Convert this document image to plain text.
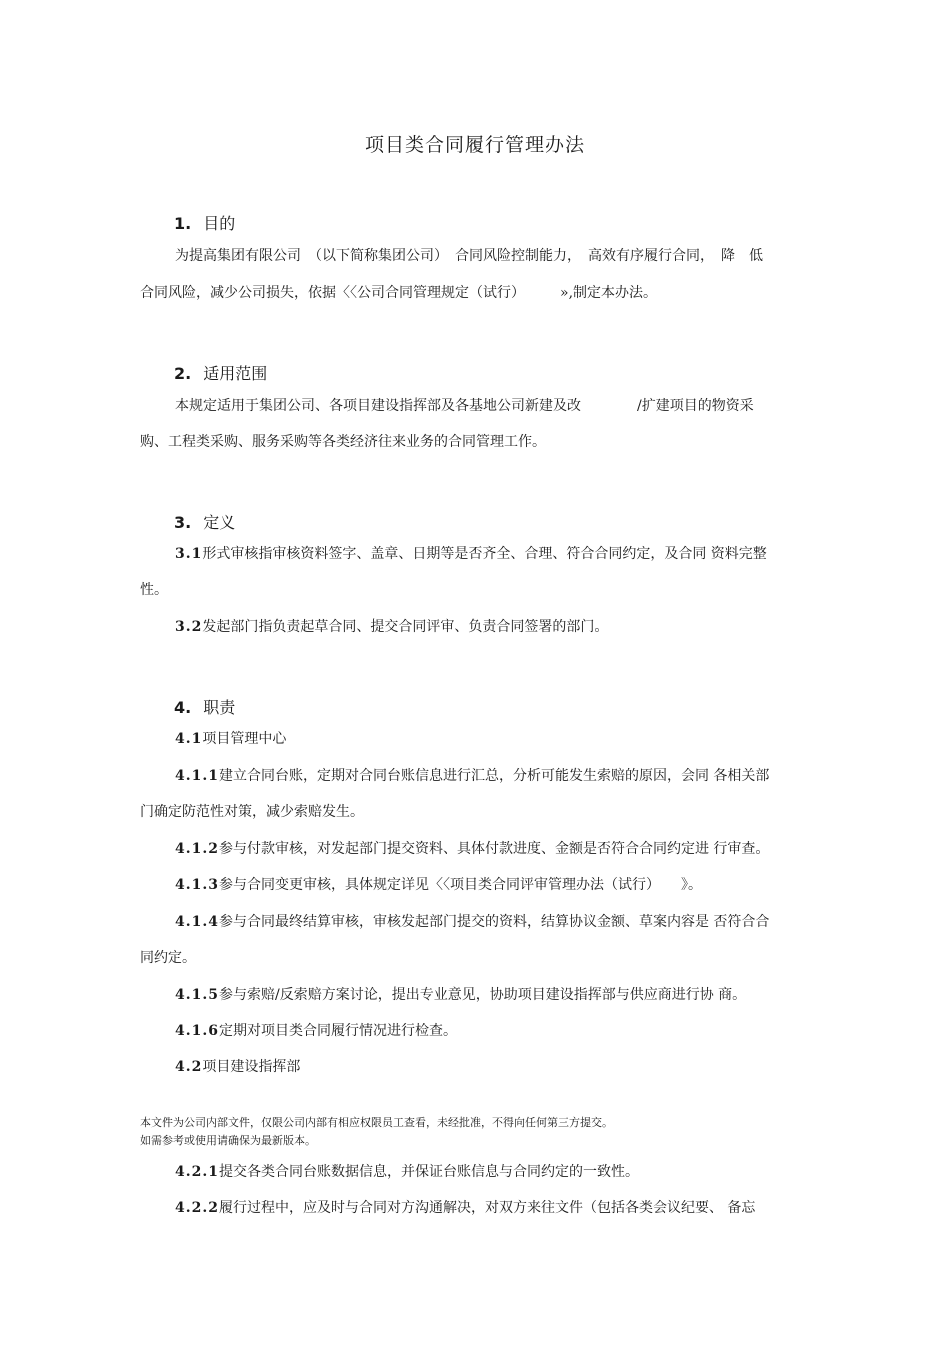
项目类合同履行管理办法
1. 目的
为提高集团有限公司　（以下简称集团公司）　合同风险控制能力，　高效有序履行合同，　降　低
合同风险，减少公司损失，依据〈〈公司合同管理规定（试行）　　　»,制定本办法。
2. 适用范围
本规定适用于集团公司、各项目建设指挥部及各基地公司新建及改　　　　/扩建项目的物资采
购、工程类采购、服务采购等各类经济往来业务的合同管理工作。
3. 定义
3.1形式审核指审核资料签字、盖章、日期等是否齐全、合理、符合合同约定，及合同 资料完整
性。
3.2发起部门指负责起草合同、提交合同评审、负责合同签署的部门。
4. 职责
4.1项目管理中心
4.1.1建立合同台账，定期对合同台账信息进行汇总，分析可能发生索赔的原因，会同 各相关部
门确定防范性对策，减少索赔发生。
4.1.2参与付款审核，对发起部门提交资料、具体付款进度、金额是否符合合同约定进 行审查。
4.1.3参与合同变更审核，具体规定详见〈〈项目类合同评审管理办法（试行）　　》。
4.1.4参与合同最终结算审核，审核发起部门提交的资料，结算协议金额、草案内容是 否符合合
同约定。
4.1.5参与索赔/反索赔方案讨论，提出专业意见，协助项目建设指挥部与供应商进行协 商。
4.1.6定期对项目类合同履行情况进行检查。
4.2项目建设指挥部
本文件为公司内部文件，仅限公司内部有相应权限员工查看，未经批准，不得向任何第三方提交。
如需参考或使用请确保为最新版本。
4.2.1提交各类合同台账数据信息，并保证台账信息与合同约定的一致性。
4.2.2履行过程中，应及时与合同对方沟通解决，对双方来往文件（包括各类会议纪要、 备忘
